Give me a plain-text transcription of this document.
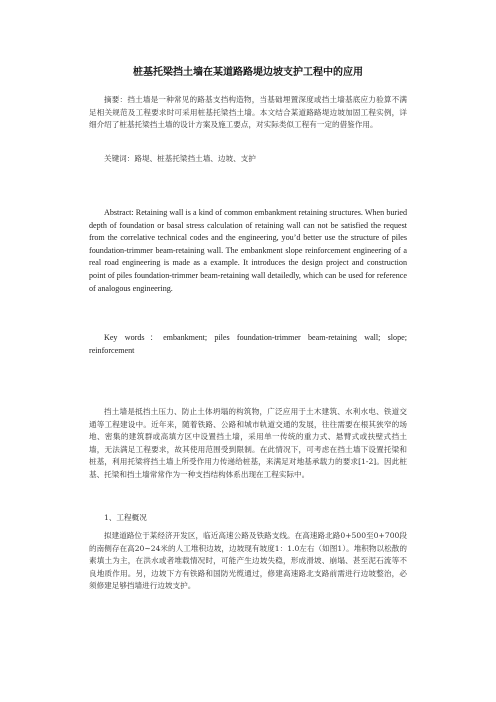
桩基托梁挡土墙在某道路路堤边坡支护工程中的应用
摘要：挡土墙是一种常见的路基支挡构造物，当基础埋置深度或挡土墙基底应力验算不满足相关规范及工程要求时可采用桩基托梁挡土墙。本文结合某道路路堤边坡加固工程实例，详细介绍了桩基托梁挡土墙的设计方案及施工要点，对实际类似工程有一定的借鉴作用。
关键词：路堤、桩基托梁挡土墙、边坡、支护
Abstract: Retaining wall is a kind of common embankment retaining structures. When buried depth of foundation or basal stress calculation of retaining wall can not be satisfied the request from the correlative technical codes and the engineering, you’d better use the structure of piles foundation-trimmer beam-retaining wall. The embankment slope reinforcement engineering of a real road engineering is made as a example. It introduces the design project and construction point of piles foundation-trimmer beam-retaining wall detailedly, which can be used for reference of analogous engineering.
Key words：embankment; piles foundation-trimmer beam-retaining wall; slope; reinforcement
挡土墙是抵挡土压力、防止土体坍塌的构筑物，广泛应用于土木建筑、水利水电、铁道交通等工程建设中。近年来，随着铁路、公路和城市轨道交通的发展，往往需要在根其狭窄的场地、密集的建筑群或高填方区中设置挡土墙，采用单一传统的重力式、悬臂式或扶壁式挡土墙，无法满足工程要求，故其使用范围受到限制。在此情况下，可考虑在挡土墙下设置托梁和桩基，利用托梁将挡土墙上所受作用力传递给桩基，来满足对地基承载力的要求[1-2]。因此桩基、托梁和挡土墙常常作为一种支挡结构体系出现在工程实际中。
1、工程概况
拟建道路位于某经济开发区，临近高速公路及铁路支线。在高速路北路0+500至0+700段的南侧存在高20~24米的人工堆积边坡，边坡现有坡度1：1.0左右（如图1）。堆积物以松散的素填土为主，在洪水或者堆载情况时，可能产生边坡失稳，形成滑坡、崩塌、甚至泥石流等不良地质作用。另，边坡下方有铁路和国防光缆通过，修建高速路北支路前需进行边坡整治，必须修建足够挡墙进行边坡支护。
